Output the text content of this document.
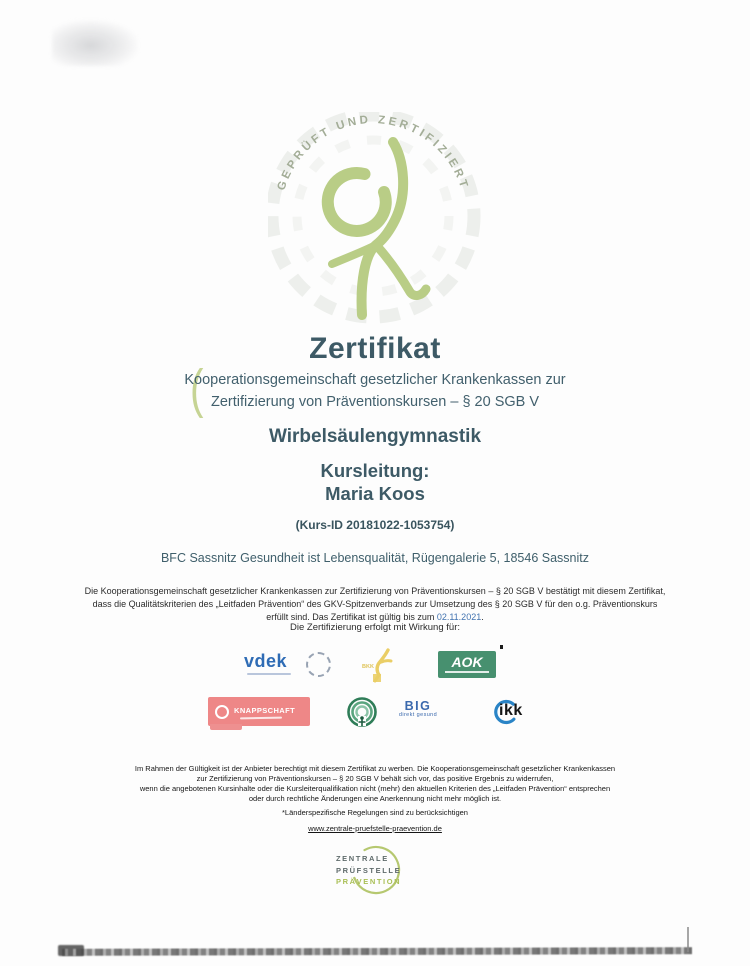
GEPRÜFT UND ZERTIFIZIERT
Zertifikat
(
Kooperationsgemeinschaft gesetzlicher Krankenkassen zur
Zertifizierung von Präventionskursen – § 20 SGB V
Wirbelsäulengymnastik
Kursleitung:
Maria Koos
(Kurs-ID 20181022-1053754)
BFC Sassnitz Gesundheit ist Lebensqualität, Rügengalerie 5, 18546 Sassnitz
Die Kooperationsgemeinschaft gesetzlicher Krankenkassen zur Zertifizierung von Präventionskursen – § 20 SGB V bestätigt mit diesem Zertifikat,
dass die Qualitätskriterien des „Leitfaden Prävention“ des GKV-Spitzenverbands zur Umsetzung des § 20 SGB V für den o.g. Präventionskurs
erfüllt sind. Das Zertifikat ist gültig bis zum 02.11.2021.
Die Zertifizierung erfolgt mit Wirkung für:
vdek	BKK	AOK
KNAPPSCHAFT	BIG
direkt gesund	ikk
Im Rahmen der Gültigkeit ist der Anbieter berechtigt mit diesem Zertifikat zu werben. Die Kooperationsgemeinschaft gesetzlicher Krankenkassen
zur Zertifizierung von Präventionskursen – § 20 SGB V behält sich vor, das positive Ergebnis zu widerrufen,
wenn die angebotenen Kursinhalte oder die Kursleiterqualifikation nicht (mehr) den aktuellen Kriterien des „Leitfaden Prävention“ entsprechen
oder durch rechtliche Änderungen eine Anerkennung nicht mehr möglich ist.
*Länderspezifische Regelungen sind zu berücksichtigen
www.zentrale-pruefstelle-praevention.de
ZENTRALE
PRÜFSTELLE
PRÄVENTION
